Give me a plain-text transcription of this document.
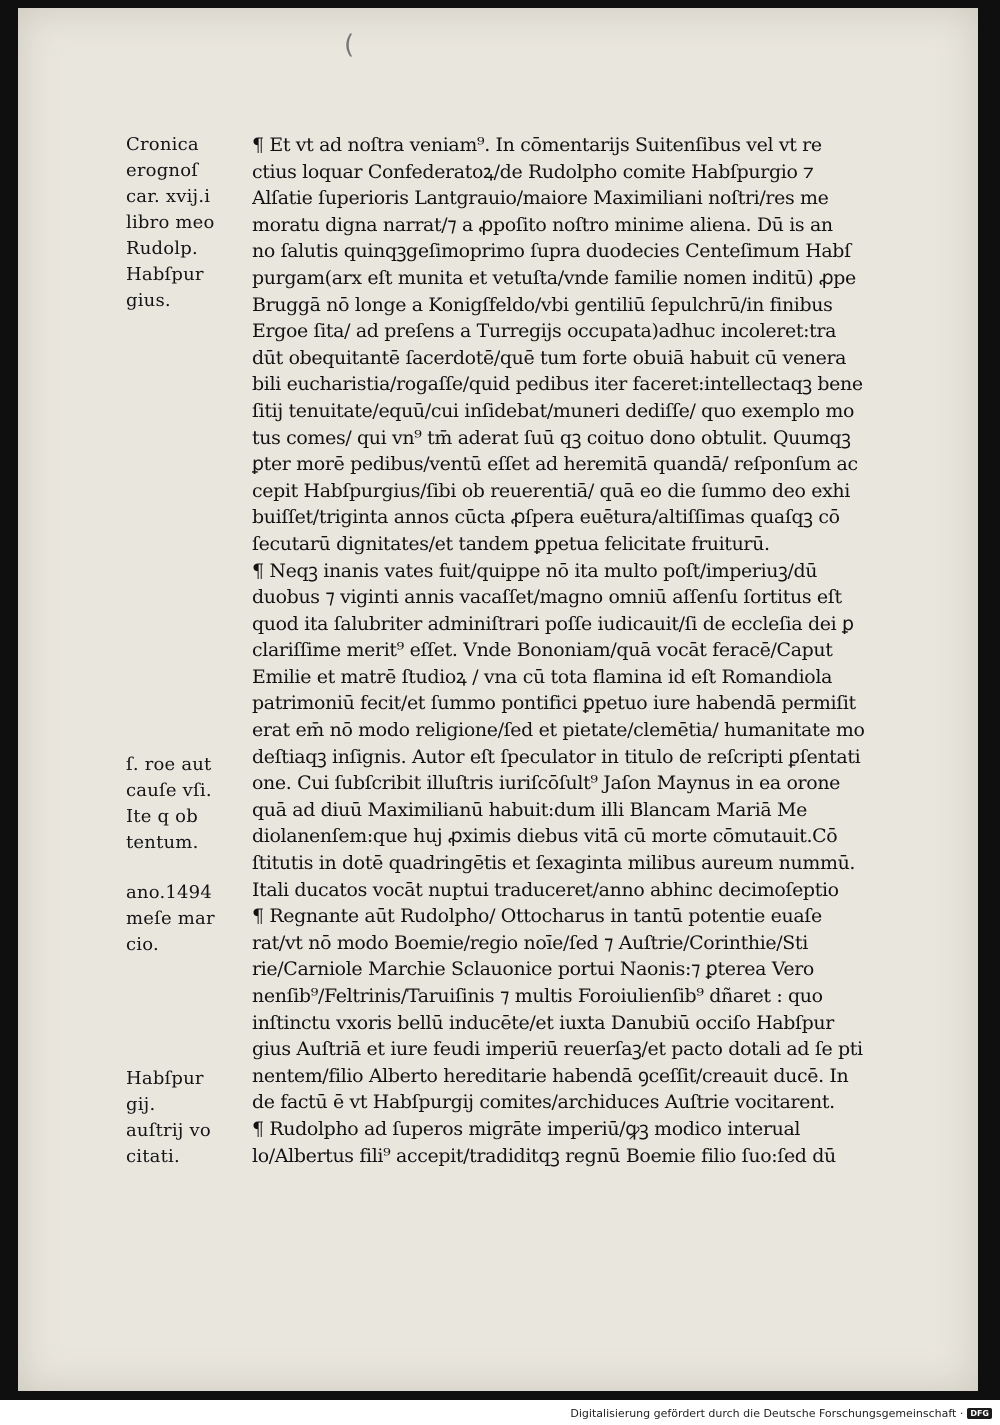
(
Cronica
erognoſ
car. xvij.i
libro meo
Rudolp.
Habſpur
gius.
ſ. roe aut
cauſe vſi.
Ite q ob
tentum.
ano.1494
meſe mar
cio.
Habſpur
gij.
auſtrij vo
citati.
¶ Et vt ad noſtra veniam⁹. In cōmentarijs Suitenſibus vel vt re
ctius loquar Confederatoꝝ/de Rudolpho comite Habſpurgio ⁊
Alſatie ſuperioris Lantgrauio/maiore Maximiliani noſtri/res me
moratu digna narrat/⁊ a ꝓpoſito noſtro minime aliena. Dū is an
no ſalutis quinqꝫgeſimoprimo ſupra duodecies Centeſimum Habſ
purgam(arx eſt munita et vetuſta/vnde familie nomen inditū) ꝓpe
Bruggā nō longe a Konigſfeldo/vbi gentiliū ſepulchrū/in finibus
Ergoe ſita/ ad preſens a Turregijs occupata)adhuc incoleret:tra
dūt obequitantē ſacerdotē/quē tum forte obuiā habuit cū venera
bili eucharistia/rogaſſe/quid pedibus iter faceret:intellectaqꝫ bene
ſitij tenuitate/equū/cui inſidebat/muneri dediſſe/ quo exemplo mo
tus comes/ qui vn⁹ tm̄ aderat ſuū qꝫ coituo dono obtulit. Quumqꝫ
ꝑter morē pedibus/ventū eſſet ad heremitā quandā/ reſponſum ac
cepit Habſpurgius/ſibi ob reuerentiā/ quā eo die ſummo deo exhi
buiſſet/triginta annos cūcta ꝓſpera euētura/altiſſimas quaſqꝫ cō
ſecutarū dignitates/et tandem ꝑpetua felicitate fruiturū.
¶ Neqꝫ inanis vates fuit/quippe nō ita multo poſt/imperiuꝫ/dū
duobus ⁊ viginti annis vacaſſet/magno omniū aſſenſu ſortitus eſt
quod ita ſalubriter adminiſtrari poſſe iudicauit/ſi de eccleſia dei ꝑ
clariſſime merit⁹ eſſet. Vnde Bononiam/quā vocāt feracē/Caput
Emilie et matrē ſtudioꝝ / vna cū tota flamina id eſt Romandiola
patrimoniū fecit/et ſummo pontifici ꝑpetuo iure habendā permiſit
erat em̄ nō modo religione/ſed et pietate/clemētia/ humanitate mo
deſtiaqꝫ inſignis. Autor eſt ſpeculator in titulo de reſcripti ꝑſentati
one. Cui ſubſcribit illuſtris iuriſcōſult⁹ Jaſon Maynus in ea orone
quā ad diuū Maximilianū habuit:dum illi Blancam Mariā Me
diolanenſem:que huj ꝓximis diebus vitā cū morte cōmutauit.Cō
ſtitutis in dotē quadringētis et ſexaginta milibus aureum nummū.
Itali ducatos vocāt nuptui traduceret/anno abhinc decimoſeptio
¶ Regnante aūt Rudolpho/ Ottocharus in tantū potentie euaſe
rat/vt nō modo Boemie/regio noīe/ſed ⁊ Auſtrie/Corinthie/Sti
rie/Carniole Marchie Sclauonice portui Naonis:⁊ ꝑterea Vero
nenſib⁹/Feltrinis/Taruiſinis ⁊ multis Foroiulienſib⁹ dñaret : quo
inſtinctu vxoris bellū inducēte/et iuxta Danubiū occiſo Habſpur
gius Auſtriā et iure feudi imperiū reuerſaꝫ/et pacto dotali ad ſe pti
nentem/filio Alberto hereditarie habendā ꝯceſſit/creauit ducē. In
de factū ē vt Habſpurgij comites/archiduces Auſtrie vocitarent.
¶ Rudolpho ad ſuperos migrāte imperiū/ꝙꝫ modico interual
lo/Albertus fili⁹ accepit/tradiditqꝫ regnū Boemie filio ſuo:ſed dū
Digitalisierung gefördert durch die Deutsche Forschungsgemeinschaft · DFG
